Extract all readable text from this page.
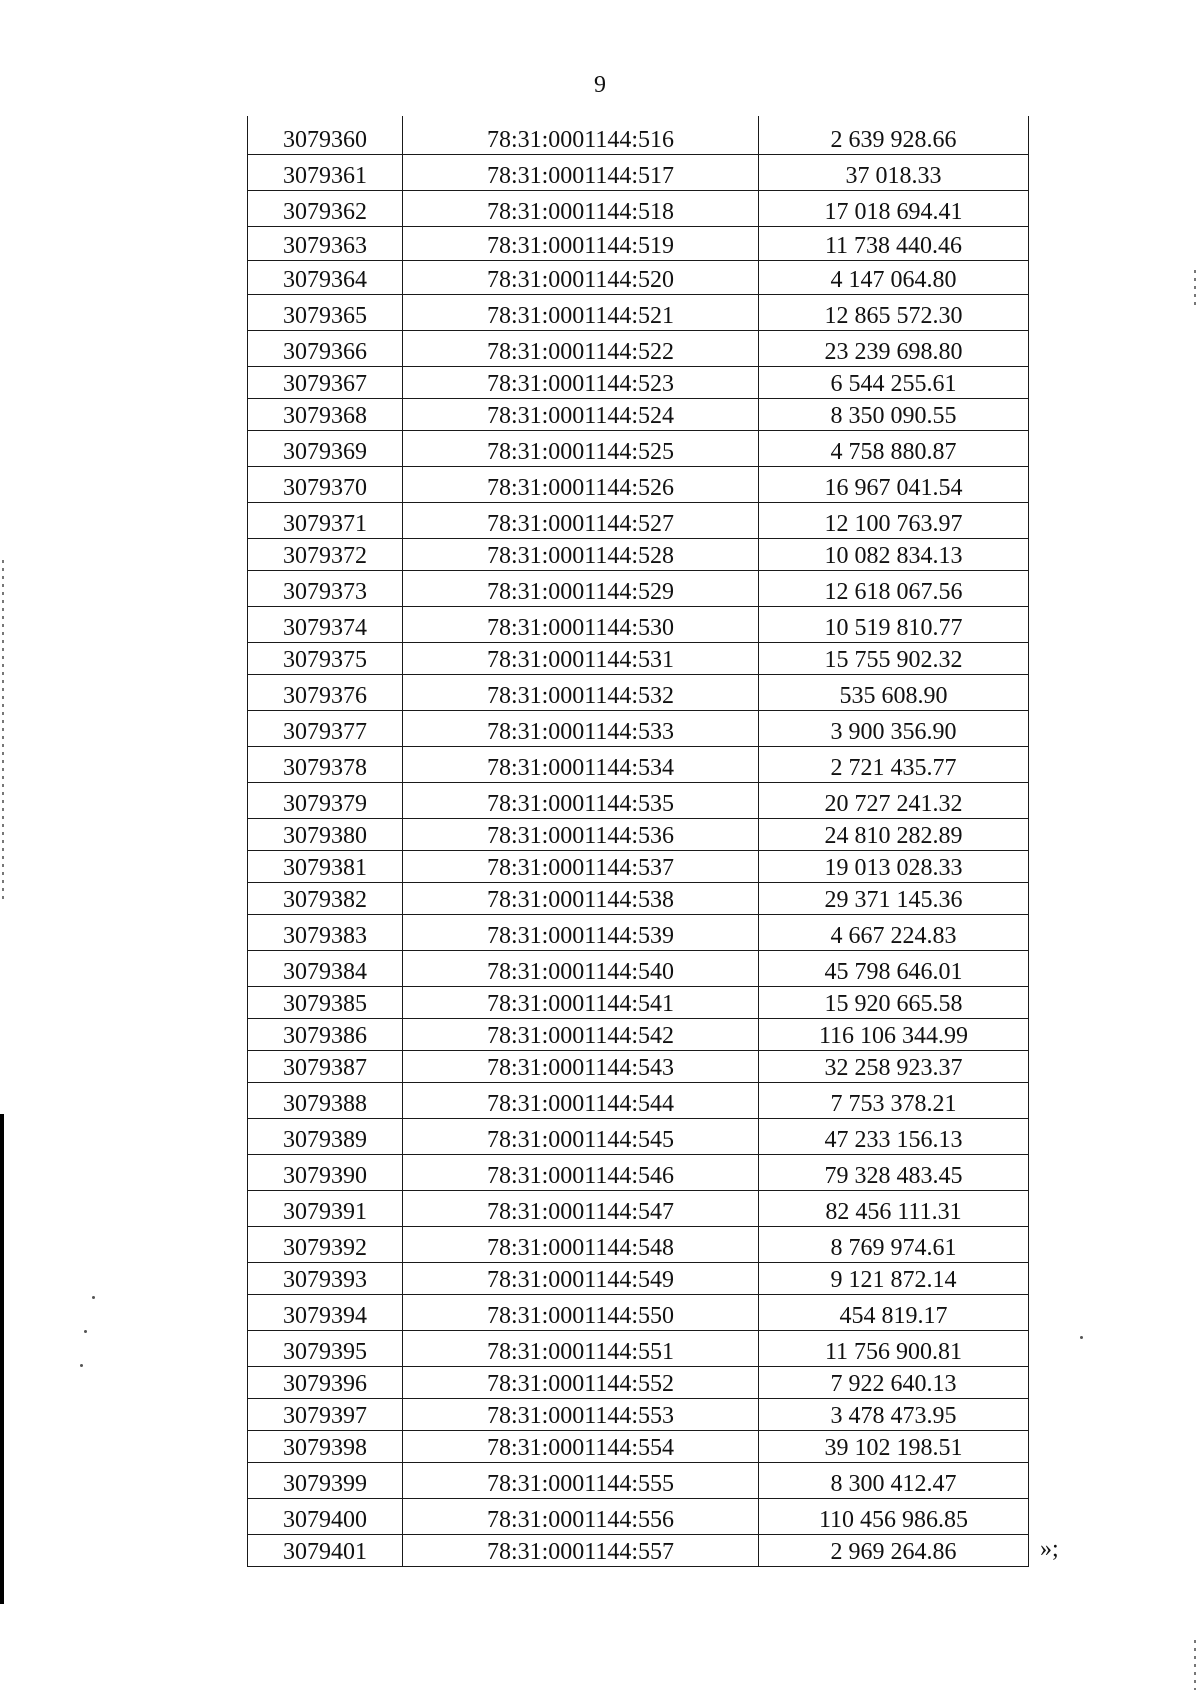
9
3079360	78:31:0001144:516	2 639 928.66
3079361	78:31:0001144:517	37 018.33
3079362	78:31:0001144:518	17 018 694.41
3079363	78:31:0001144:519	11 738 440.46
3079364	78:31:0001144:520	4 147 064.80
3079365	78:31:0001144:521	12 865 572.30
3079366	78:31:0001144:522	23 239 698.80
3079367	78:31:0001144:523	6 544 255.61
3079368	78:31:0001144:524	8 350 090.55
3079369	78:31:0001144:525	4 758 880.87
3079370	78:31:0001144:526	16 967 041.54
3079371	78:31:0001144:527	12 100 763.97
3079372	78:31:0001144:528	10 082 834.13
3079373	78:31:0001144:529	12 618 067.56
3079374	78:31:0001144:530	10 519 810.77
3079375	78:31:0001144:531	15 755 902.32
3079376	78:31:0001144:532	535 608.90
3079377	78:31:0001144:533	3 900 356.90
3079378	78:31:0001144:534	2 721 435.77
3079379	78:31:0001144:535	20 727 241.32
3079380	78:31:0001144:536	24 810 282.89
3079381	78:31:0001144:537	19 013 028.33
3079382	78:31:0001144:538	29 371 145.36
3079383	78:31:0001144:539	4 667 224.83
3079384	78:31:0001144:540	45 798 646.01
3079385	78:31:0001144:541	15 920 665.58
3079386	78:31:0001144:542	116 106 344.99
3079387	78:31:0001144:543	32 258 923.37
3079388	78:31:0001144:544	7 753 378.21
3079389	78:31:0001144:545	47 233 156.13
3079390	78:31:0001144:546	79 328 483.45
3079391	78:31:0001144:547	82 456 111.31
3079392	78:31:0001144:548	8 769 974.61
3079393	78:31:0001144:549	9 121 872.14
3079394	78:31:0001144:550	454 819.17
3079395	78:31:0001144:551	11 756 900.81
3079396	78:31:0001144:552	7 922 640.13
3079397	78:31:0001144:553	3 478 473.95
3079398	78:31:0001144:554	39 102 198.51
3079399	78:31:0001144:555	8 300 412.47
3079400	78:31:0001144:556	110 456 986.85
3079401	78:31:0001144:557	2 969 264.86	»;
